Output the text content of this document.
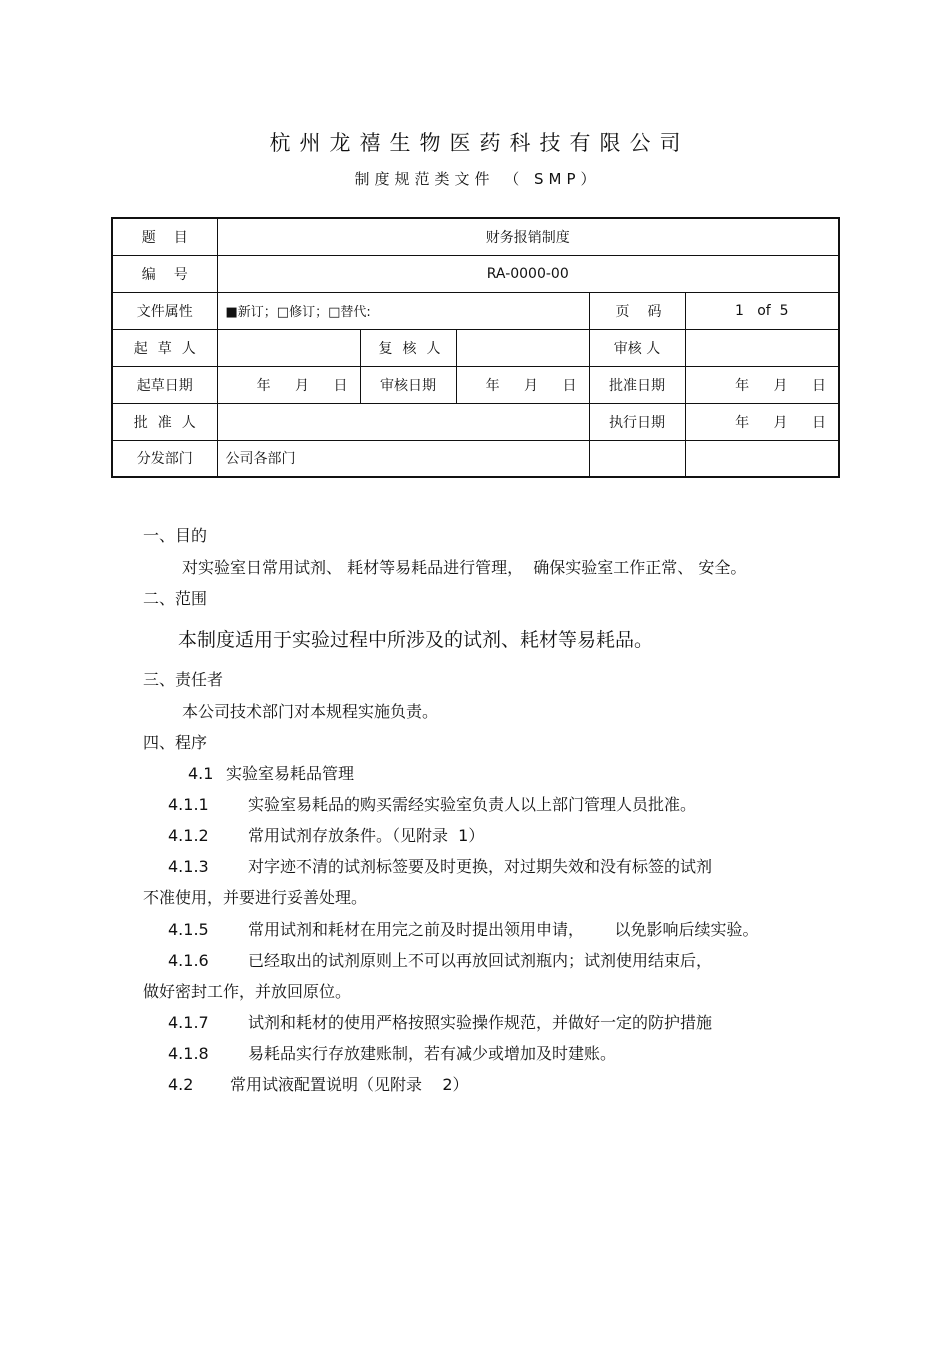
杭州龙禧生物医药科技有限公司
制度规范类文件 （ SMP）
题目	财务报销制度				
编号	RA-0000-00				
文件属性	■新订；□修订；□替代:			页码	1   of  5
起草人		复核人		审核 人	
起草日期	年 月 日	审核日期	年 月 日	批准日期	年 月 日
批准人				执行日期	年 月 日
分发部门	公司各部门				
一、目的
对实验室日常用试剂、 耗材等易耗品进行管理，  确保实验室工作正常、 安全。
二、范围
本制度适用于实验过程中所涉及的试剂、耗材等易耗品。
三、责任者
本公司技术部门对本规程实施负责。
四、程序
4.1 实验室易耗品管理
4.1.1 实验室易耗品的购买需经实验室负责人以上部门管理人员批准。
4.1.2 常用试剂存放条件。（见附录  1）
4.1.3 对字迹不清的试剂标签要及时更换，对过期失效和没有标签的试剂
不准使用，并要进行妥善处理。
4.1.5 常用试剂和耗材在用完之前及时提出领用申请，      以免影响后续实验。
4.1.6 已经取出的试剂原则上不可以再放回试剂瓶内；试剂使用结束后，
做好密封工作，并放回原位。
4.1.7 试剂和耗材的使用严格按照实验操作规范，并做好一定的防护措施
4.1.8 易耗品实行存放建账制，若有减少或增加及时建账。
4.2 常用试液配置说明（见附录    2）
